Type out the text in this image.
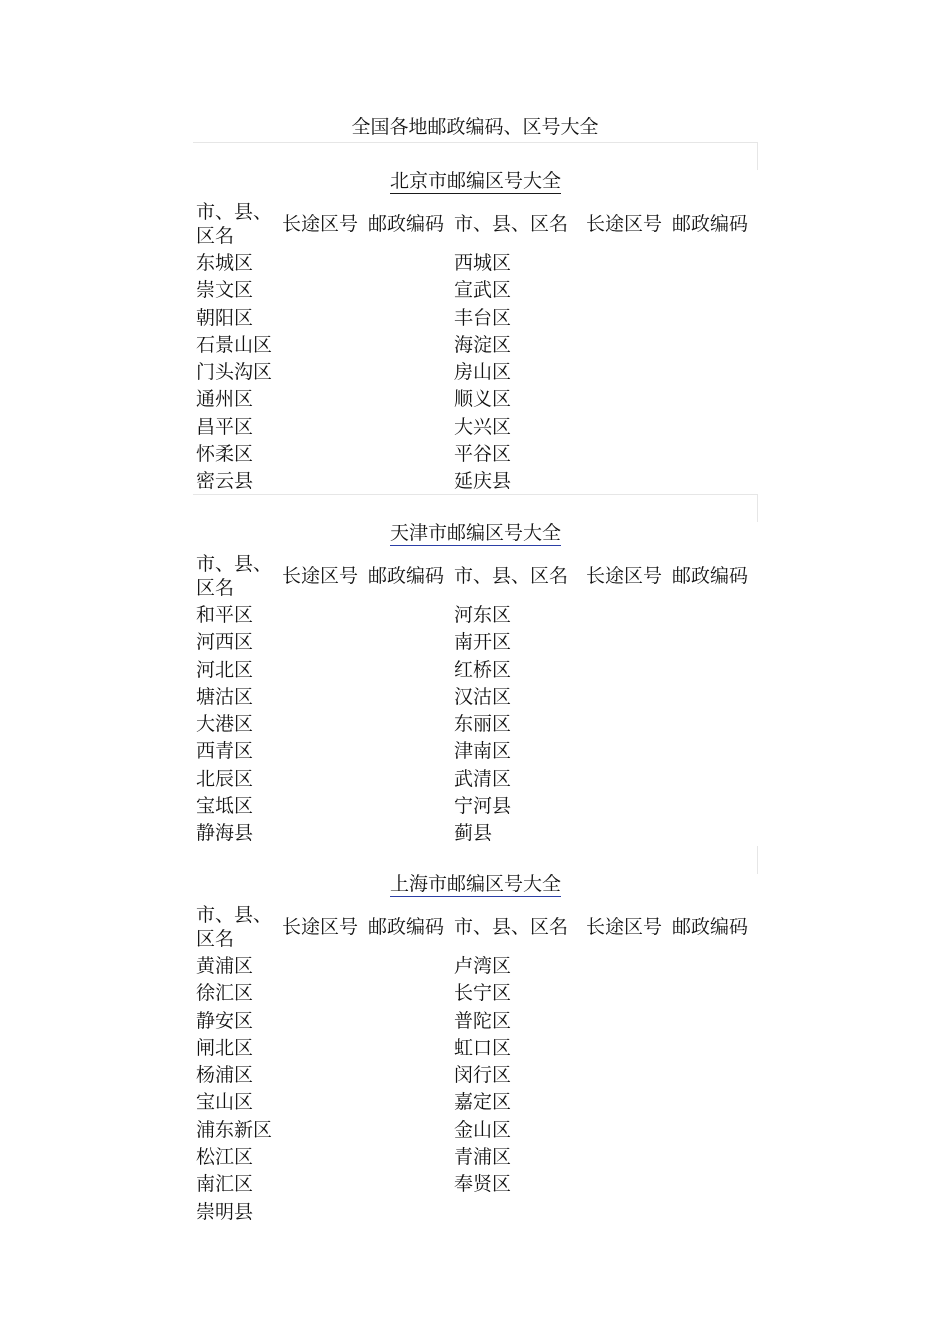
全国各地邮政编码、区号大全
北京市邮编区号大全
市、县、区名	长途区号	邮政编码	市、县、区名	长途区号	邮政编码
东城区			西城区		
崇文区			宣武区		
朝阳区			丰台区		
石景山区			海淀区		
门头沟区			房山区		
通州区			顺义区		
昌平区			大兴区		
怀柔区			平谷区		
密云县			延庆县		
天津市邮编区号大全
市、县、区名	长途区号	邮政编码	市、县、区名	长途区号	邮政编码
和平区			河东区		
河西区			南开区		
河北区			红桥区		
塘沽区			汉沽区		
大港区			东丽区		
西青区			津南区		
北辰区			武清区		
宝坻区			宁河县		
静海县			蓟县		
上海市邮编区号大全
市、县、区名	长途区号	邮政编码	市、县、区名	长途区号	邮政编码
黄浦区			卢湾区		
徐汇区			长宁区		
静安区			普陀区		
闸北区			虹口区		
杨浦区			闵行区		
宝山区			嘉定区		
浦东新区			金山区		
松江区			青浦区		
南汇区			奉贤区		
崇明县					
